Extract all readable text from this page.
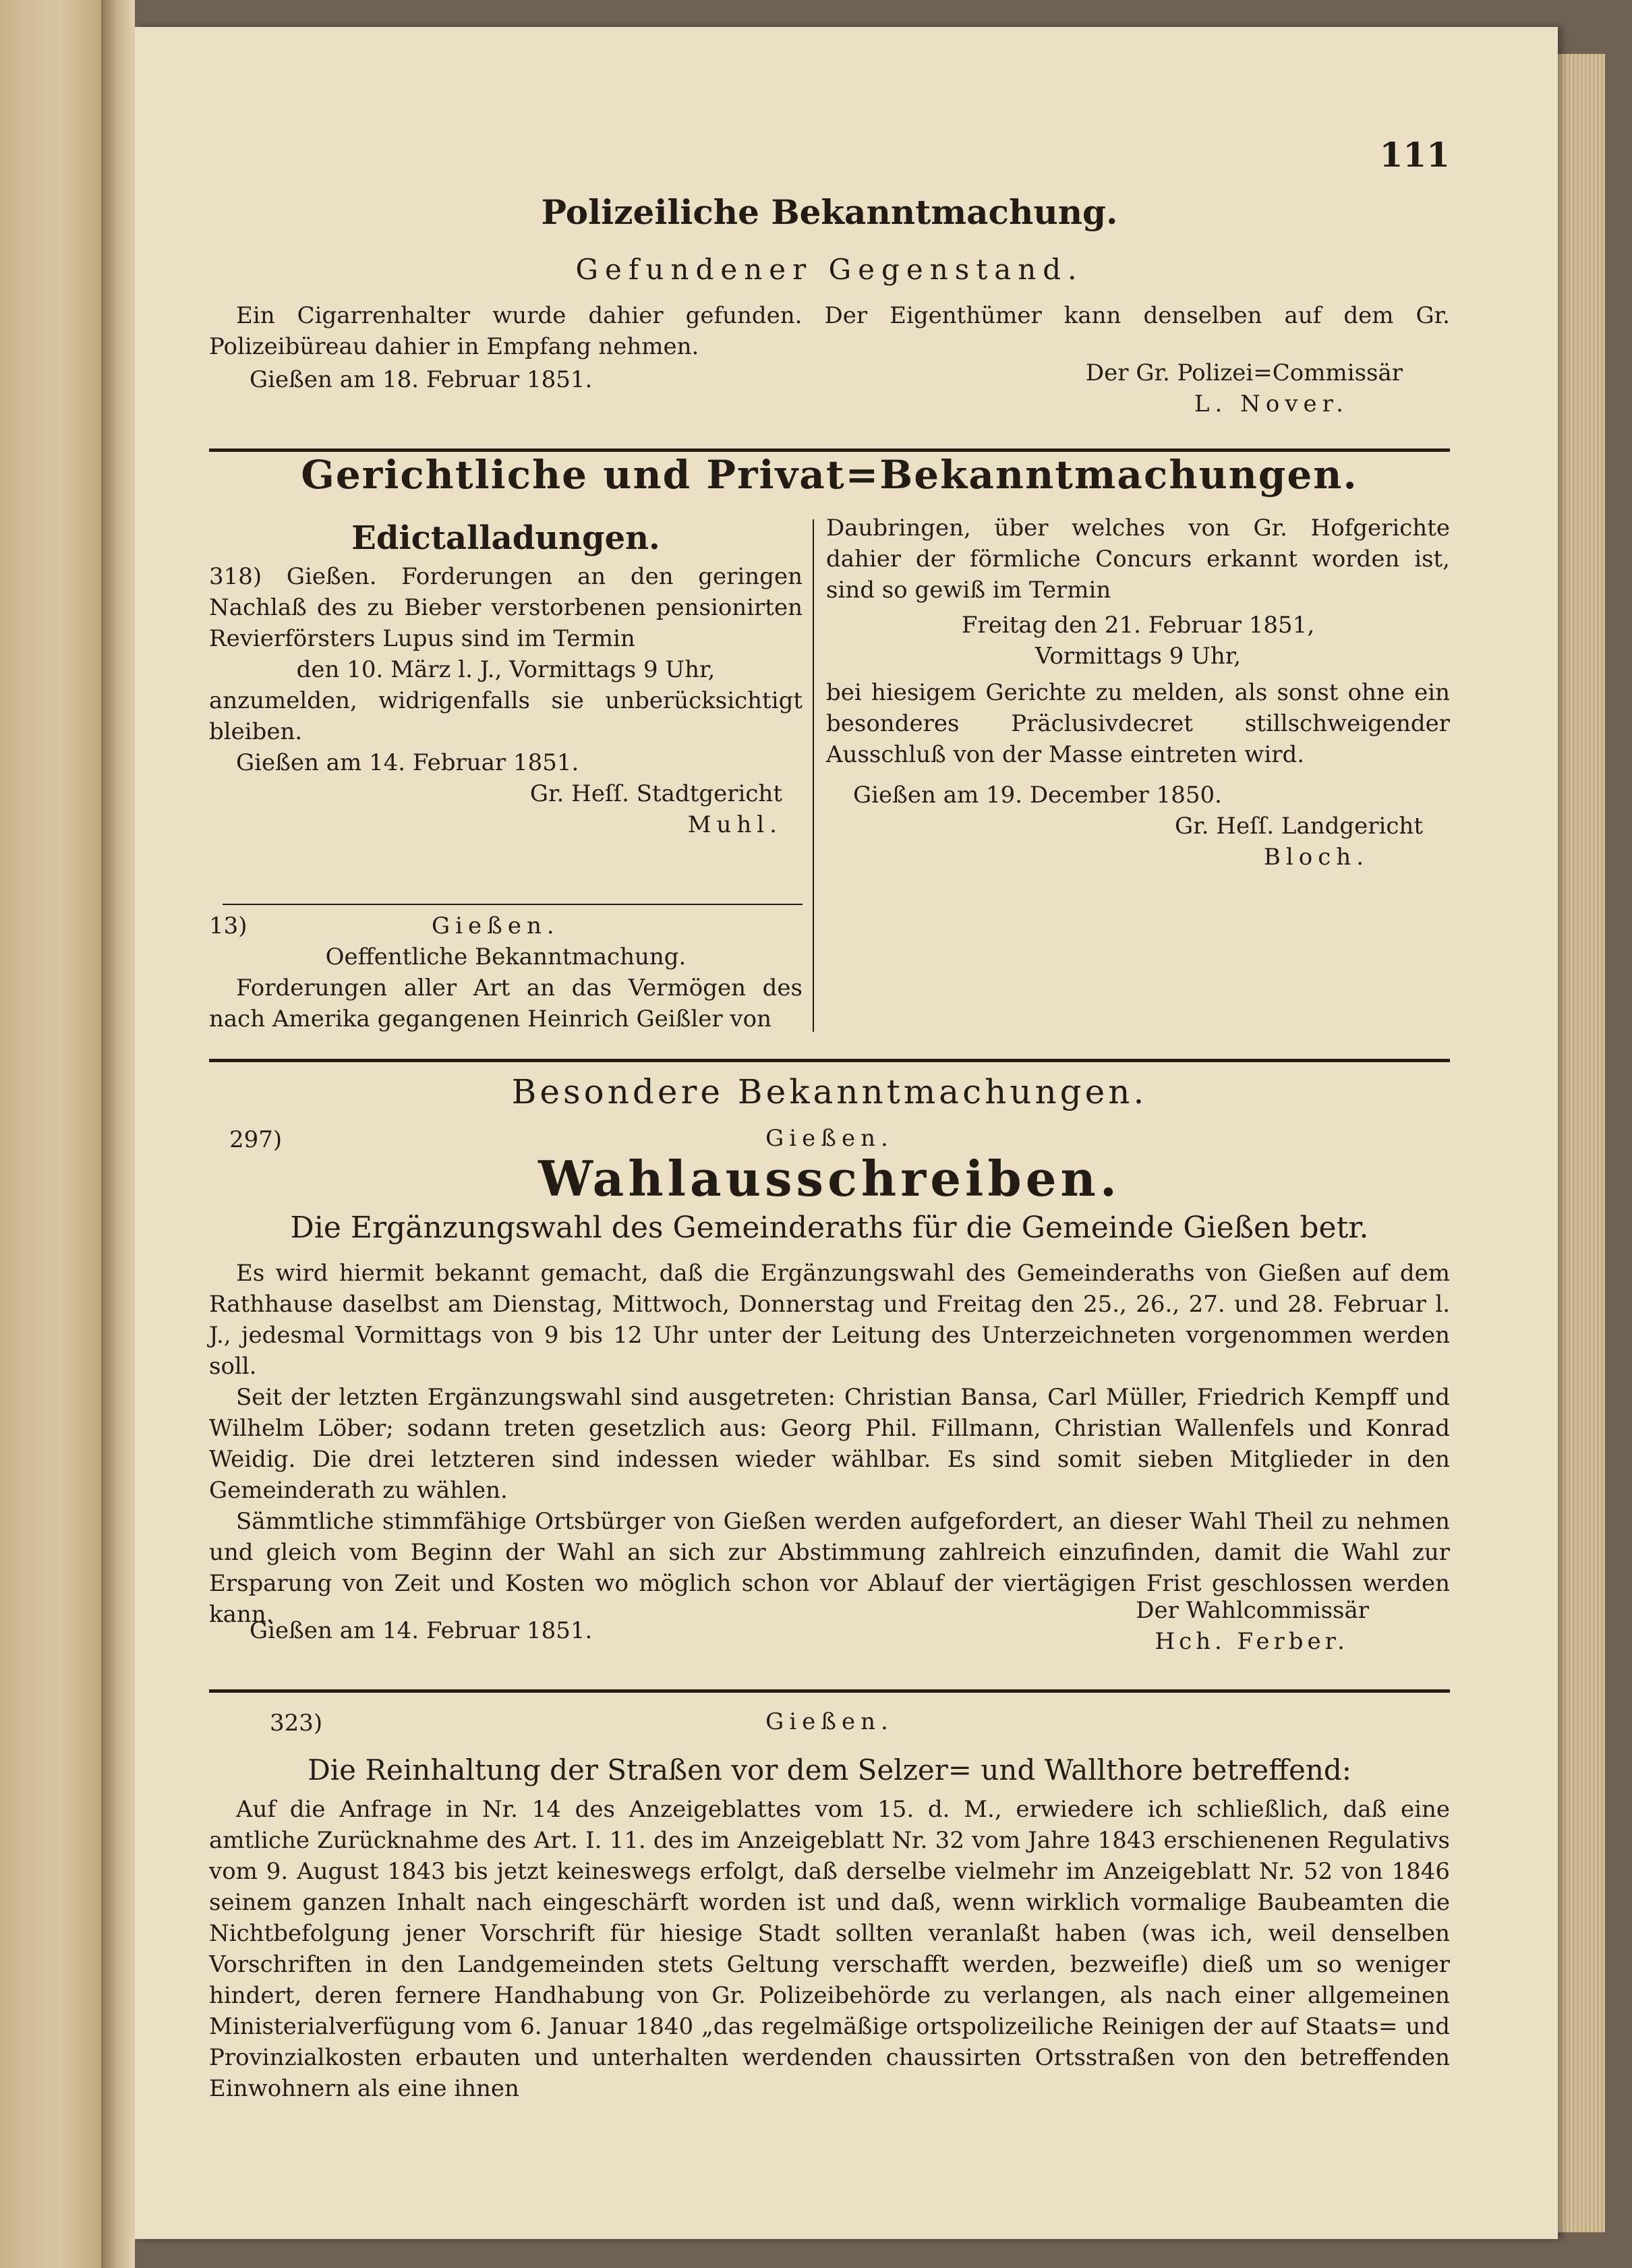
111

Polizeiliche Bekanntmachung.

Gefundener Gegenstand.

Ein Cigarrenhalter wurde dahier gefunden. Der Eigenthümer kann denselben auf dem Gr. Polizeibüreau dahier in Empfang nehmen.

Gießen am 18. Februar 1851.	Der Gr. Polizei=Commissär

L. Nover.

Gerichtliche und Privat=Bekanntmachungen.

Edictalladungen.

318) Gießen. Forderungen an den geringen Nachlaß des zu Bieber verstorbenen pensionirten Revierförsters Lupus sind im Termin

den 10. März l. J., Vormittags 9 Uhr,

anzumelden, widrigenfalls sie unberücksichtigt bleiben.

Gießen am 14. Februar 1851.

Gr. Heſſ. Stadtgericht

Muhl.

13)	Gießen.

Oeffentliche Bekanntmachung.

Forderungen aller Art an das Vermögen des nach Amerika gegangenen Heinrich Geißler von

Daubringen, über welches von Gr. Hofgerichte dahier der förmliche Concurs erkannt worden ist, sind so gewiß im Termin

Freitag den 21. Februar 1851,

Vormittags 9 Uhr,

bei hiesigem Gerichte zu melden, als sonst ohne ein besonderes Präclusivdecret stillschweigender Ausschluß von der Masse eintreten wird.

Gießen am 19. December 1850.

Gr. Heſſ. Landgericht

Bloch.

Besondere Bekanntmachungen.

297)	Gießen.

Wahlausschreiben.

Die Ergänzungswahl des Gemeinderaths für die Gemeinde Gießen betr.

Es wird hiermit bekannt gemacht, daß die Ergänzungswahl des Gemeinderaths von Gießen auf dem Rathhause daselbst am Dienstag, Mittwoch, Donnerstag und Freitag den 25., 26., 27. und 28. Februar l. J., jedesmal Vormittags von 9 bis 12 Uhr unter der Leitung des Unterzeichneten vorgenommen werden soll.

Seit der letzten Ergänzungswahl sind ausgetreten: Christian Bansa, Carl Müller, Friedrich Kempff und Wilhelm Löber; sodann treten gesetzlich aus: Georg Phil. Fillmann, Christian Wallenfels und Konrad Weidig. Die drei letzteren sind indessen wieder wählbar. Es sind somit sieben Mitglieder in den Gemeinderath zu wählen.

Sämmtliche stimmfähige Ortsbürger von Gießen werden aufgefordert, an dieser Wahl Theil zu nehmen und gleich vom Beginn der Wahl an sich zur Abstimmung zahlreich einzufinden, damit die Wahl zur Ersparung von Zeit und Kosten wo möglich schon vor Ablauf der viertägigen Frist geschlossen werden kann.

Gießen am 14. Februar 1851.

Der Wahlcommissär

Hch. Ferber.

323)	Gießen.

Die Reinhaltung der Straßen vor dem Selzer= und Wallthore betreffend:

Auf die Anfrage in Nr. 14 des Anzeigeblattes vom 15. d. M., erwiedere ich schließlich, daß eine amtliche Zurücknahme des Art. I. 11. des im Anzeigeblatt Nr. 32 vom Jahre 1843 erschienenen Regulativs vom 9. August 1843 bis jetzt keineswegs erfolgt, daß derselbe vielmehr im Anzeigeblatt Nr. 52 von 1846 seinem ganzen Inhalt nach eingeschärft worden ist und daß, wenn wirklich vormalige Baubeamten die Nichtbefolgung jener Vorschrift für hiesige Stadt sollten veranlaßt haben (was ich, weil denselben Vorschriften in den Landgemeinden stets Geltung verschafft werden, bezweifle) dieß um so weniger hindert, deren fernere Handhabung von Gr. Polizeibehörde zu verlangen, als nach einer allgemeinen Ministerialverfügung vom 6. Januar 1840 „das regelmäßige ortspolizeiliche Reinigen der auf Staats= und Provinzialkosten erbauten und unterhalten werdenden chaussirten Ortsstraßen von den betreffenden Einwohnern als eine ihnen
